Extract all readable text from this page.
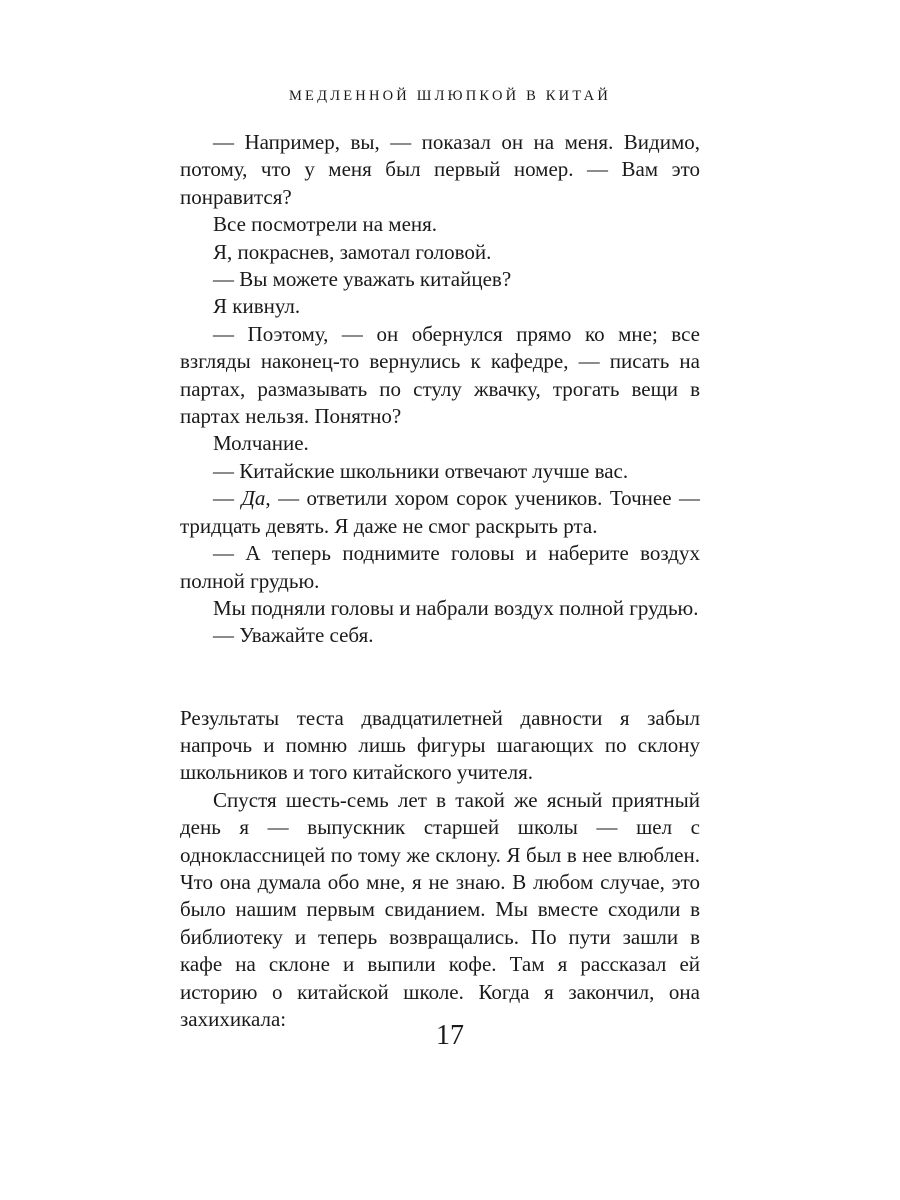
МЕДЛЕННОЙ ШЛЮПКОЙ В КИТАЙ

— Например, вы, — показал он на меня. Видимо, потому, что у меня был первый номер. — Вам это понравится?

Все посмотрели на меня.

Я, покраснев, замотал головой.

— Вы можете уважать китайцев?

Я кивнул.

— Поэтому, — он обернулся прямо ко мне; все взгляды наконец-то вернулись к кафедре, — писать на партах, размазывать по стулу жвачку, трогать вещи в партах нельзя. Понятно?

Молчание.

— Китайские школьники отвечают лучше вас.

— Да, — ответили хором сорок учеников. Точнее — тридцать девять. Я даже не смог раскрыть рта.

— А теперь поднимите головы и наберите воздух полной грудью.

Мы подняли головы и набрали воздух полной грудью.

— Уважайте себя.

Результаты теста двадцатилетней давности я забыл напрочь и помню лишь фигуры шагающих по склону школьников и того китайского учителя.

Спустя шесть-семь лет в такой же ясный приятный день я — выпускник старшей школы — шел с одноклассницей по тому же склону. Я был в нее влюблен. Что она думала обо мне, я не знаю. В любом случае, это было нашим первым свиданием. Мы вместе сходили в библиотеку и теперь возвращались. По пути зашли в кафе на склоне и выпили кофе. Там я рассказал ей историю о китайской школе. Когда я закончил, она захихикала:

17
